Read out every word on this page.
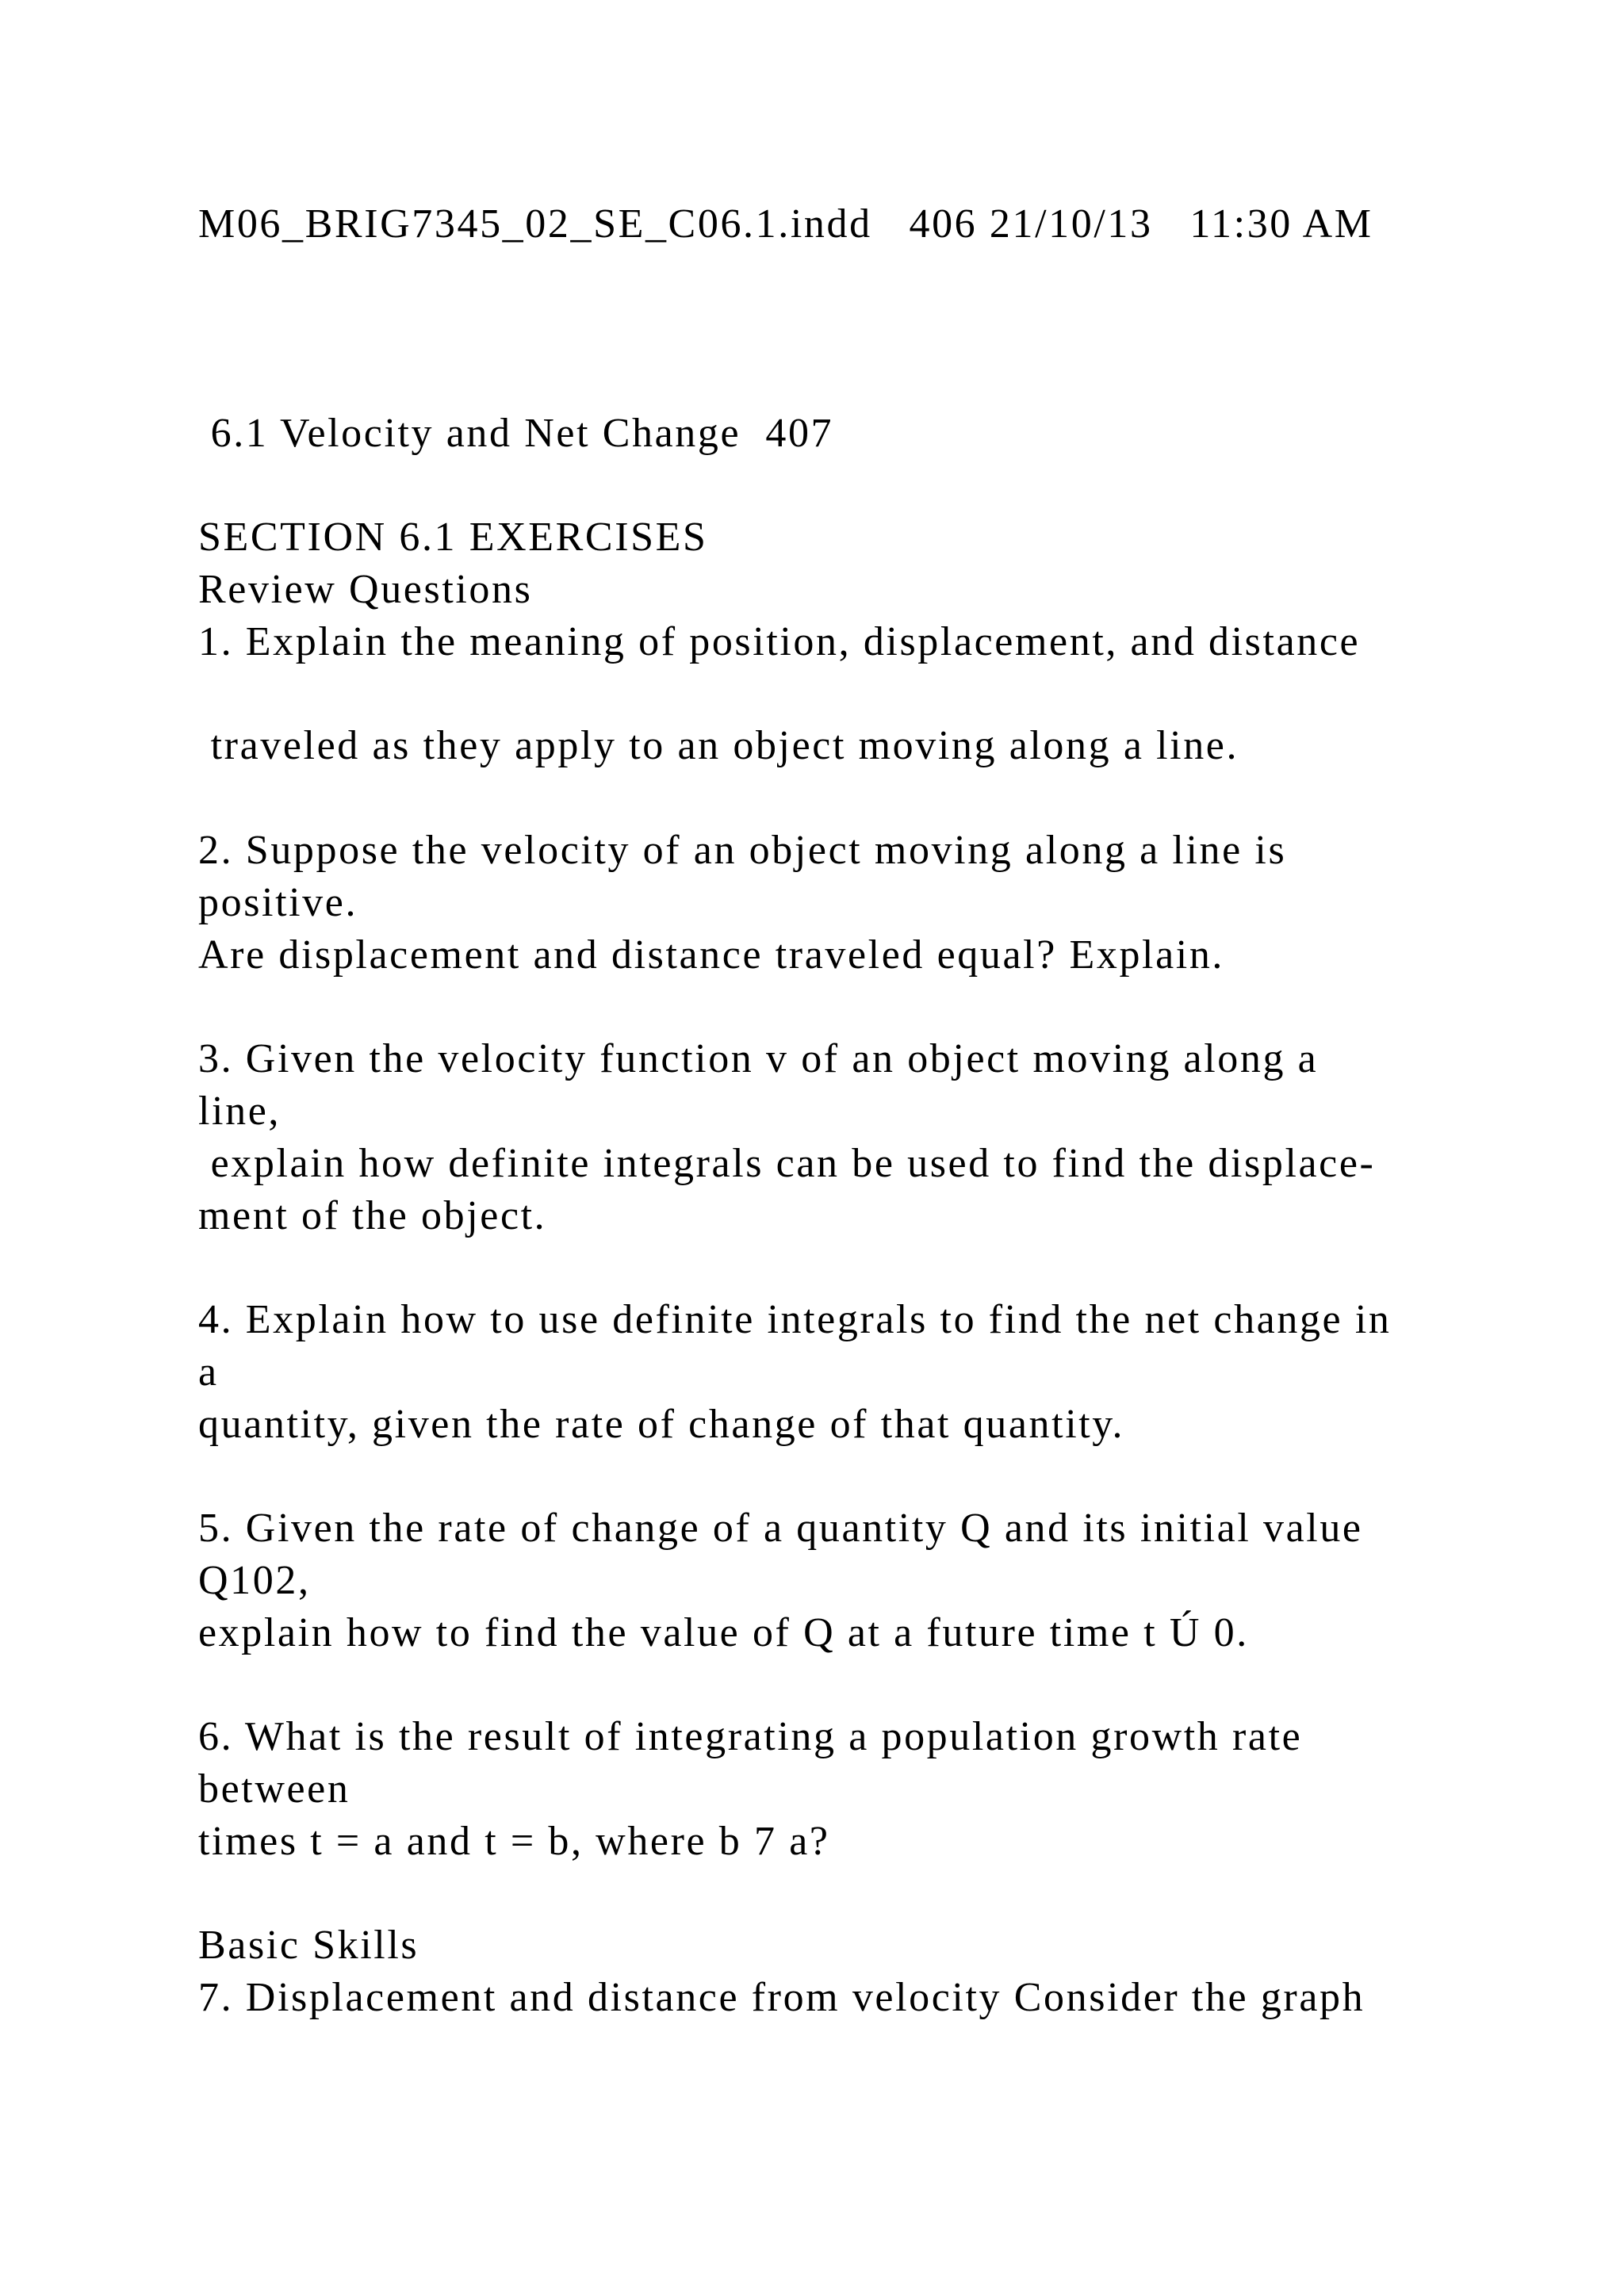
M06_BRIG7345_02_SE_C06.1.indd   406 21/10/13   11:30 AM

6.1 Velocity and Net Change  407

SECTION 6.1 EXERCISES

Review Questions

1. Explain the meaning of position, displacement, and distance

traveled as they apply to an object moving along a line.

2. Suppose the velocity of an object moving along a line is

positive.

Are displacement and distance traveled equal? Explain.

3. Given the velocity function v of an object moving along a

line,

explain how definite integrals can be used to find the displace-

ment of the object.

4. Explain how to use definite integrals to find the net change in

a

quantity, given the rate of change of that quantity.

5. Given the rate of change of a quantity Q and its initial value

Q102,

explain how to find the value of Q at a future time t Ú 0.

6. What is the result of integrating a population growth rate

between

times t = a and t = b, where b 7 a?

Basic Skills

7. Displacement and distance from velocity Consider the graph
